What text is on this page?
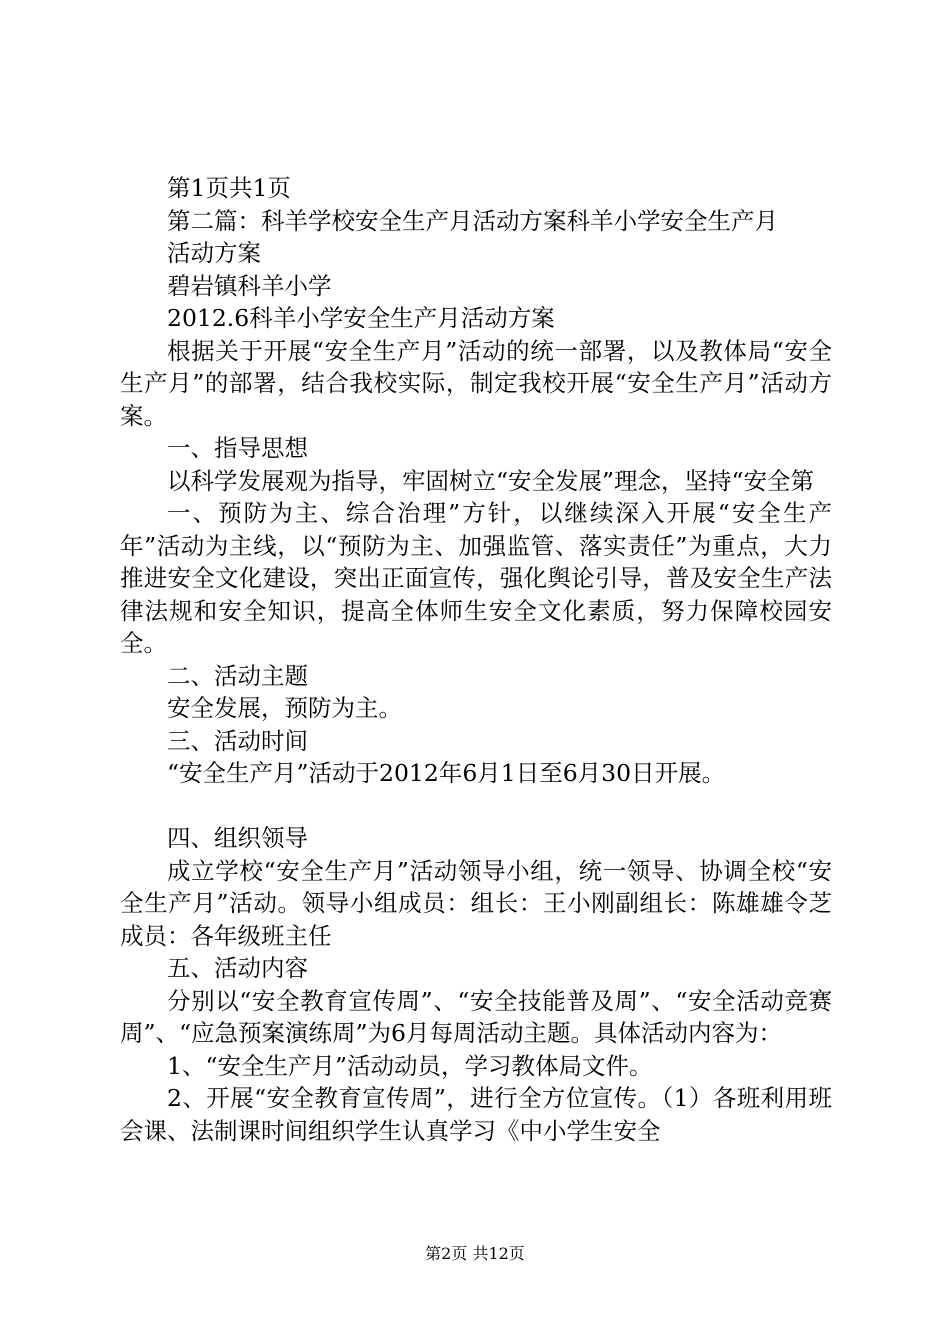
第1页共1页

第二篇：科羊学校安全生产月活动方案科羊小学安全生产月

活动方案

碧岩镇科羊小学

2012.6科羊小学安全生产月活动方案

根据关于开展“安全生产月”活动的统一部署，以及教体局“安全生产月”的部署，结合我校实际，制定我校开展“安全生产月”活动方案。

一、指导思想

以科学发展观为指导，牢固树立“安全发展”理念，坚持“安全第

一、预防为主、综合治理”方针，以继续深入开展“安全生产年”活动为主线，以“预防为主、加强监管、落实责任”为重点，大力推进安全文化建设，突出正面宣传，强化舆论引导，普及安全生产法律法规和安全知识，提高全体师生安全文化素质，努力保障校园安全。

二、活动主题

安全发展，预防为主。

三、活动时间

“安全生产月”活动于2012年6月1日至6月30日开展。

四、组织领导

成立学校“安全生产月”活动领导小组，统一领导、协调全校“安全生产月”活动。领导小组成员：组长：王小刚副组长：陈雄雄令芝成员：各年级班主任

五、活动内容

分别以“安全教育宣传周”、“安全技能普及周”、“安全活动竞赛周”、“应急预案演练周”为6月每周活动主题。具体活动内容为：

1、“安全生产月”活动动员，学习教体局文件。

2、开展“安全教育宣传周”，进行全方位宣传。（1）各班利用班会课、法制课时间组织学生认真学习《中小学生安全

第2页 共12页
